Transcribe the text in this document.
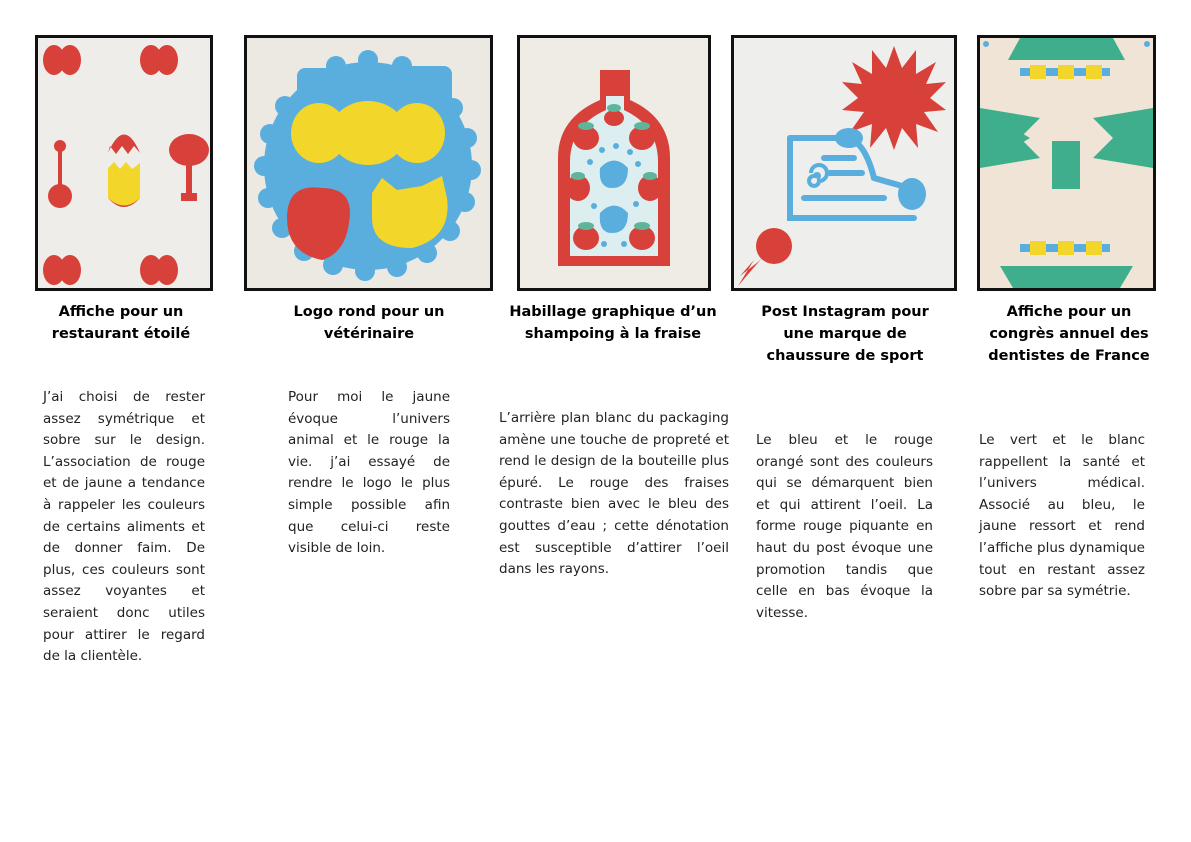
Affiche pour un restaurant étoilé

J’ai choisi de rester assez symétrique et sobre sur le design. L’association de rouge et de jaune a tendance à rappeler les couleurs de certains aliments et de donner faim. De plus, ces couleurs sont assez voyantes et seraient donc utiles pour attirer le regard de la clientèle.

Logo rond pour un vétérinaire

Pour moi le jaune évoque l’univers animal et le rouge la vie. j’ai essayé de rendre le logo le plus simple possible afin que celui-ci reste visible de loin.

Habillage graphique d’un shampoing à la fraise

L’arrière plan blanc du packaging amène une touche de propreté et rend le design de la bouteille plus épuré. Le rouge des fraises contraste bien avec le bleu des gouttes d’eau ; cette dénotation est susceptible d’attirer l’oeil dans les rayons.

Post Instagram pour une marque de chaussure de sport

Le bleu et le rouge orangé sont des couleurs qui se démarquent bien et qui attirent l’oeil. La forme rouge piquante en haut du post évoque une promotion tandis que celle en bas évoque la vitesse.

Affiche pour un congrès annuel des dentistes de France

Le vert et le blanc rappellent la santé et l’univers médical. Associé au bleu, le jaune ressort et rend l’affiche plus dynamique tout en restant assez sobre par sa symétrie.
